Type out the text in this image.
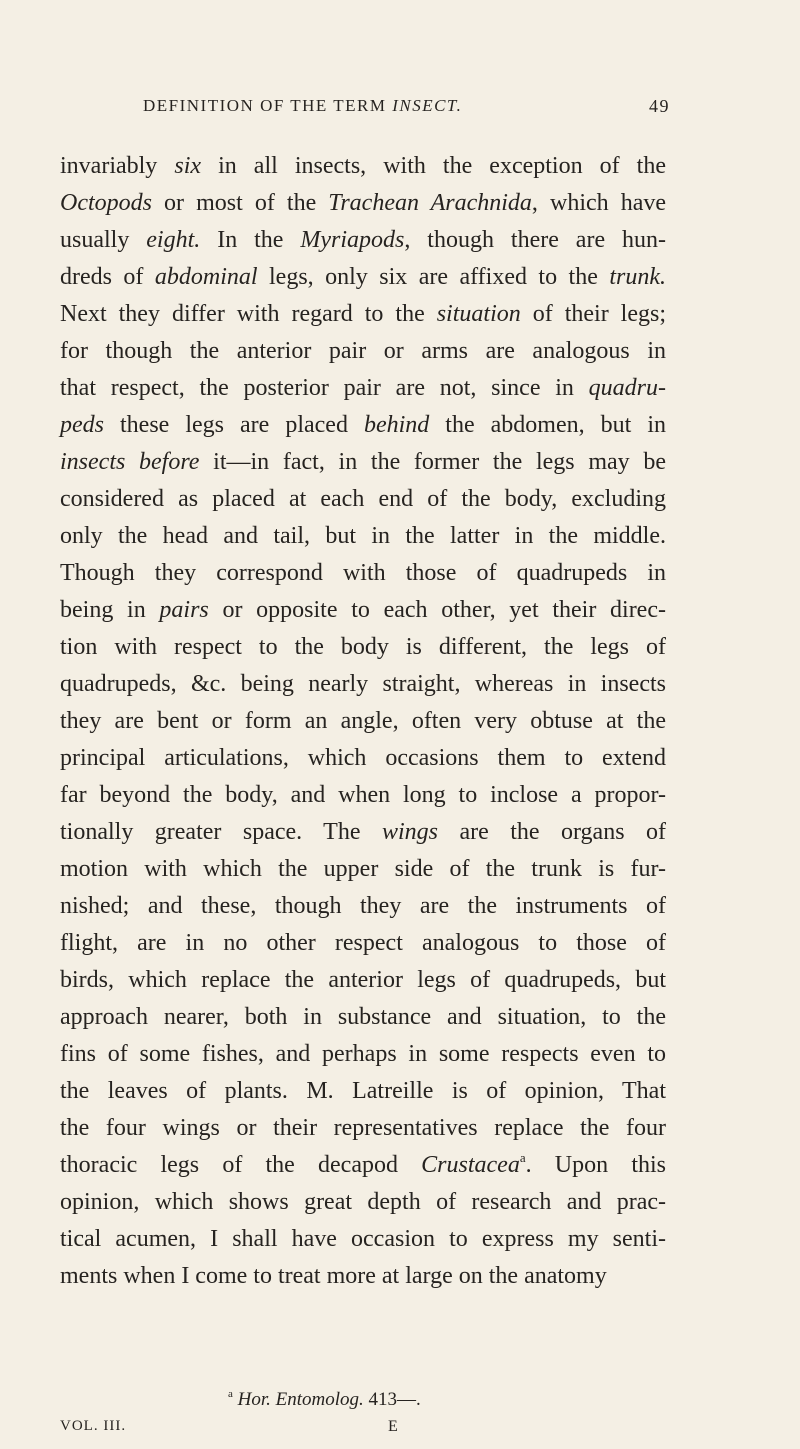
DEFINITION OF THE TERM INSECT.	49
invariably six in all insects, with the exception of the
Octopods or most of the Trachean Arachnida, which have
usually eight. In the Myriapods, though there are hun-
dreds of abdominal legs, only six are affixed to the trunk.
Next they differ with regard to the situation of their legs;
for though the anterior pair or arms are analogous in
that respect, the posterior pair are not, since in quadru-
peds these legs are placed behind the abdomen, but in
insects before it—in fact, in the former the legs may be
considered as placed at each end of the body, excluding
only the head and tail, but in the latter in the middle.
Though they correspond with those of quadrupeds in
being in pairs or opposite to each other, yet their direc-
tion with respect to the body is different, the legs of
quadrupeds, &c. being nearly straight, whereas in insects
they are bent or form an angle, often very obtuse at the
principal articulations, which occasions them to extend
far beyond the body, and when long to inclose a propor-
tionally greater space. The wings are the organs of
motion with which the upper side of the trunk is fur-
nished; and these, though they are the instruments of
flight, are in no other respect analogous to those of
birds, which replace the anterior legs of quadrupeds, but
approach nearer, both in substance and situation, to the
fins of some fishes, and perhaps in some respects even to
the leaves of plants. M. Latreille is of opinion, That
the four wings or their representatives replace the four
thoracic legs of the decapod Crustacea$^a$. Upon this
opinion, which shows great depth of research and prac-
tical acumen, I shall have occasion to express my senti-
ments when I come to treat more at large on the anatomy
$^a$ Hor. Entomolog. 413—.
VOL. III.	E
